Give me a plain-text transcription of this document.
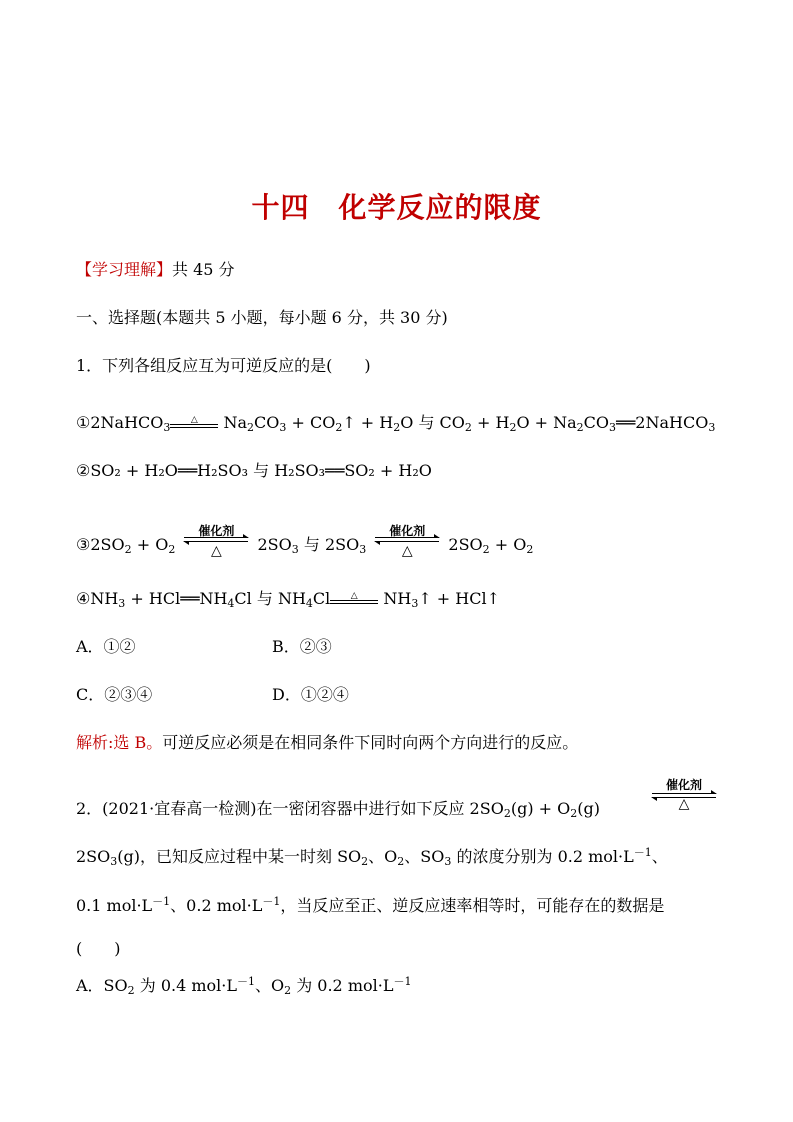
十四　化学反应的限度
【学习理解】共 45 分
一、选择题(本题共 5 小题，每小题 6 分，共 30 分)
1．下列各组反应互为可逆反应的是(　　)
①2NaHCO$_3$
△	$Na_2CO_3$ + $CO_2↑ + H_2O$ 与 $CO_2 + H_2O$ + $Na_2CO_3══2NaHCO_3$
②SO₂ + H₂O══H₂SO₃ 与 H₂SO₃══SO₂ + H₂O
$③2SO_2 + O_2$
催化剂
△	$2SO_3$ 与 $2SO_3$
催化剂
△	$2SO_2 + O_2$
$④NH_3$ + $HCl══NH_4Cl$ 与 $NH_4Cl$	△	$NH_3↑$ + HCl↑
A．①②	B．②③
C．②③④	D．①②④
解析:选 B。可逆反应必须是在相同条件下同时向两个方向进行的反应。
2．(2021·宜春高一检测)在一密闭容器中进行如下反应 $2SO_2(g) + O_2(g)$
催化剂
△
$2SO_3(g)$，已知反应过程中某一时刻 $SO_2$、$O_2$、$SO_3$ 的浓度分别为 0.2 $mol\cdot L^{-1}$、
0.1 $mol\cdot L^{-1}$、0.2 $mol\cdot L^{-1}$，当反应至正、逆反应速率相等时，可能存在的数据是
(　　)
A．$SO_2$ 为 0.4 $mol\cdot L^{-1}$、$O_2$ 为 0.2 $mol\cdot L^{-1}$
